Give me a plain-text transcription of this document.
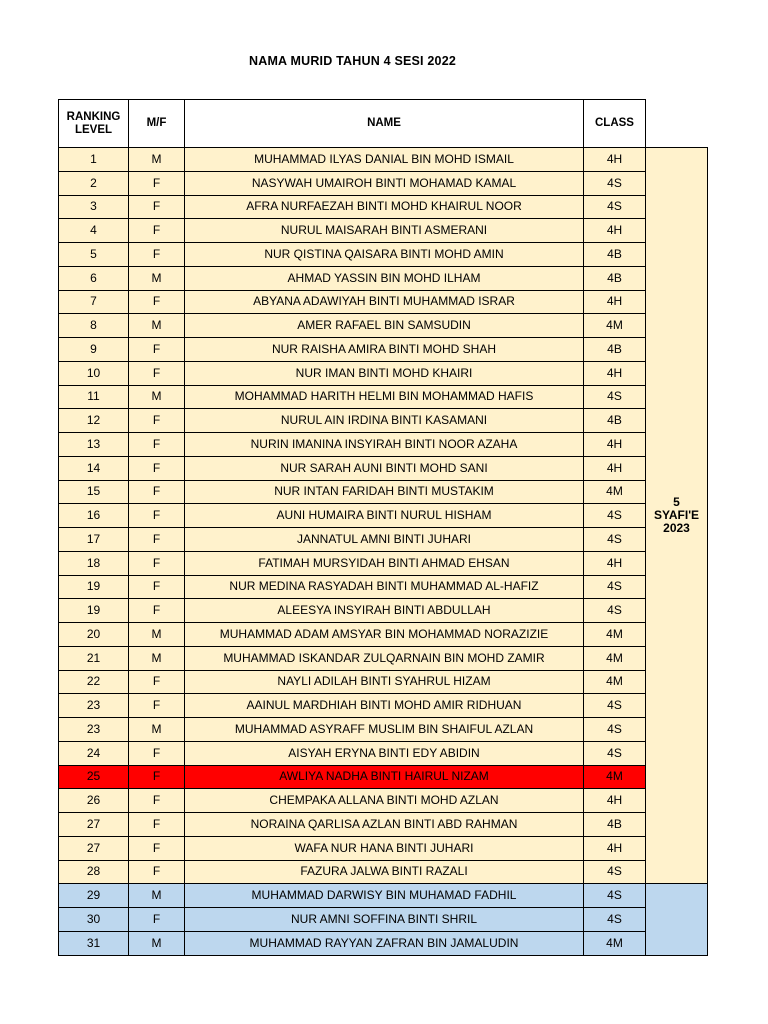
NAMA MURID TAHUN 4 SESI 2022
RANKING
LEVEL	M/F	NAME	CLASS	
1	M	MUHAMMAD ILYAS DANIAL BIN MOHD ISMAIL	4H	5
SYAFI'E
2023

2	F	NASYWAH UMAIROH BINTI MOHAMAD KAMAL	4S	
3	F	AFRA NURFAEZAH BINTI MOHD KHAIRUL NOOR	4S	
4	F	NURUL MAISARAH BINTI ASMERANI	4H	
5	F	NUR QISTINA QAISARA BINTI MOHD AMIN	4B	
6	M	AHMAD YASSIN BIN MOHD ILHAM	4B	
7	F	ABYANA ADAWIYAH BINTI MUHAMMAD ISRAR	4H	
8	M	AMER RAFAEL BIN SAMSUDIN	4M	
9	F	NUR RAISHA AMIRA BINTI MOHD SHAH	4B	
10	F	NUR IMAN BINTI MOHD KHAIRI	4H	
11	M	MOHAMMAD HARITH HELMI BIN MOHAMMAD HAFIS	4S	
12	F	NURUL AIN IRDINA BINTI KASAMANI	4B	
13	F	NURIN IMANINA INSYIRAH BINTI NOOR AZAHA	4H	
14	F	NUR SARAH AUNI BINTI MOHD SANI	4H	
15	F	NUR INTAN FARIDAH BINTI MUSTAKIM	4M	
16	F	AUNI HUMAIRA BINTI NURUL HISHAM	4S	
17	F	JANNATUL AMNI BINTI JUHARI	4S	
18	F	FATIMAH MURSYIDAH BINTI AHMAD EHSAN	4H	
19	F	NUR MEDINA RASYADAH BINTI MUHAMMAD AL-HAFIZ	4S	
19	F	ALEESYA INSYIRAH BINTI ABDULLAH	4S	
20	M	MUHAMMAD ADAM AMSYAR BIN MOHAMMAD NORAZIZIE	4M	
21	M	MUHAMMAD ISKANDAR ZULQARNAIN BIN MOHD ZAMIR	4M	
22	F	NAYLI ADILAH BINTI SYAHRUL HIZAM	4M	
23	F	AAINUL MARDHIAH BINTI MOHD AMIR RIDHUAN	4S	
23	M	MUHAMMAD ASYRAFF MUSLIM BIN SHAIFUL AZLAN	4S	
24	F	AISYAH ERYNA BINTI EDY ABIDIN	4S	
25	F	AWLIYA NADHA BINTI HAIRUL NIZAM	4M	
26	F	CHEMPAKA ALLANA BINTI MOHD AZLAN	4H	
27	F	NORAINA QARLISA AZLAN BINTI ABD RAHMAN	4B	
27	F	WAFA NUR HANA BINTI JUHARI	4H	
28	F	FAZURA JALWA BINTI RAZALI	4S	
29	M	MUHAMMAD DARWISY BIN MUHAMAD FADHIL	4S	
30	F	NUR AMNI SOFFINA BINTI SHRIL	4S	
31	M	MUHAMMAD RAYYAN ZAFRAN BIN JAMALUDIN	4M	
